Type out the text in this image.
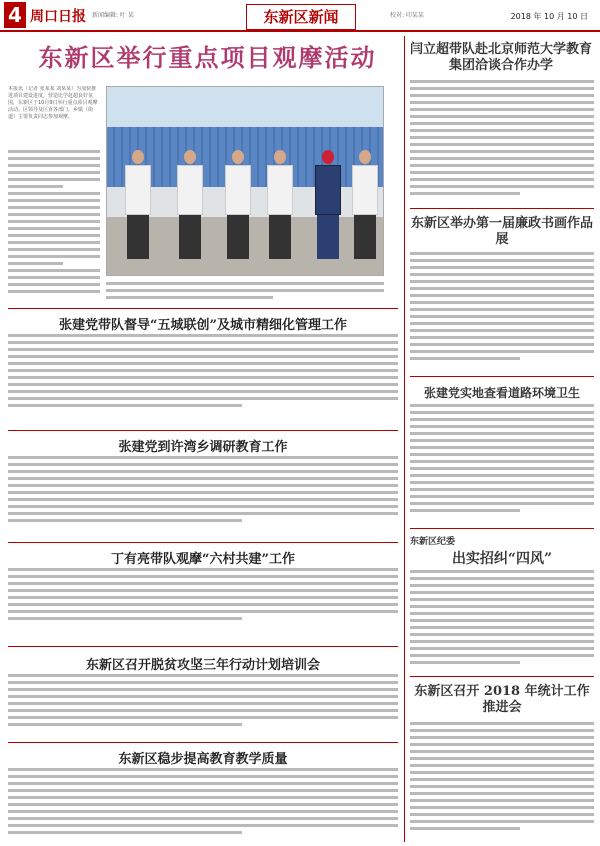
4 周口日报 新闻编辑: 叶 某	东新区新闻	校对: 印某某	2018 年 10 月 10 日
东新区举行重点项目观摩活动
本报讯（记者 张某某 刘某某）为加快推进项目建设进度，营造比学赶超良好氛围，东新区于10月9日举行重点项目观摩活动。区领导及区直各部门、乡镇（街道）主要负责同志参加观摩。
张建党带队督导“五城联创”及城市精细化管理工作
张建党到许湾乡调研教育工作
丁有亮带队观摩“六村共建”工作
东新区召开脱贫攻坚三年行动计划培训会
东新区稳步提高教育教学质量
闫立超带队赴北京师范大学教育集团洽谈合作办学
东新区举办第一届廉政书画作品展
张建党实地查看道路环境卫生
东新区纪委
出实招纠“四风”
东新区召开 2018 年统计工作推进会
